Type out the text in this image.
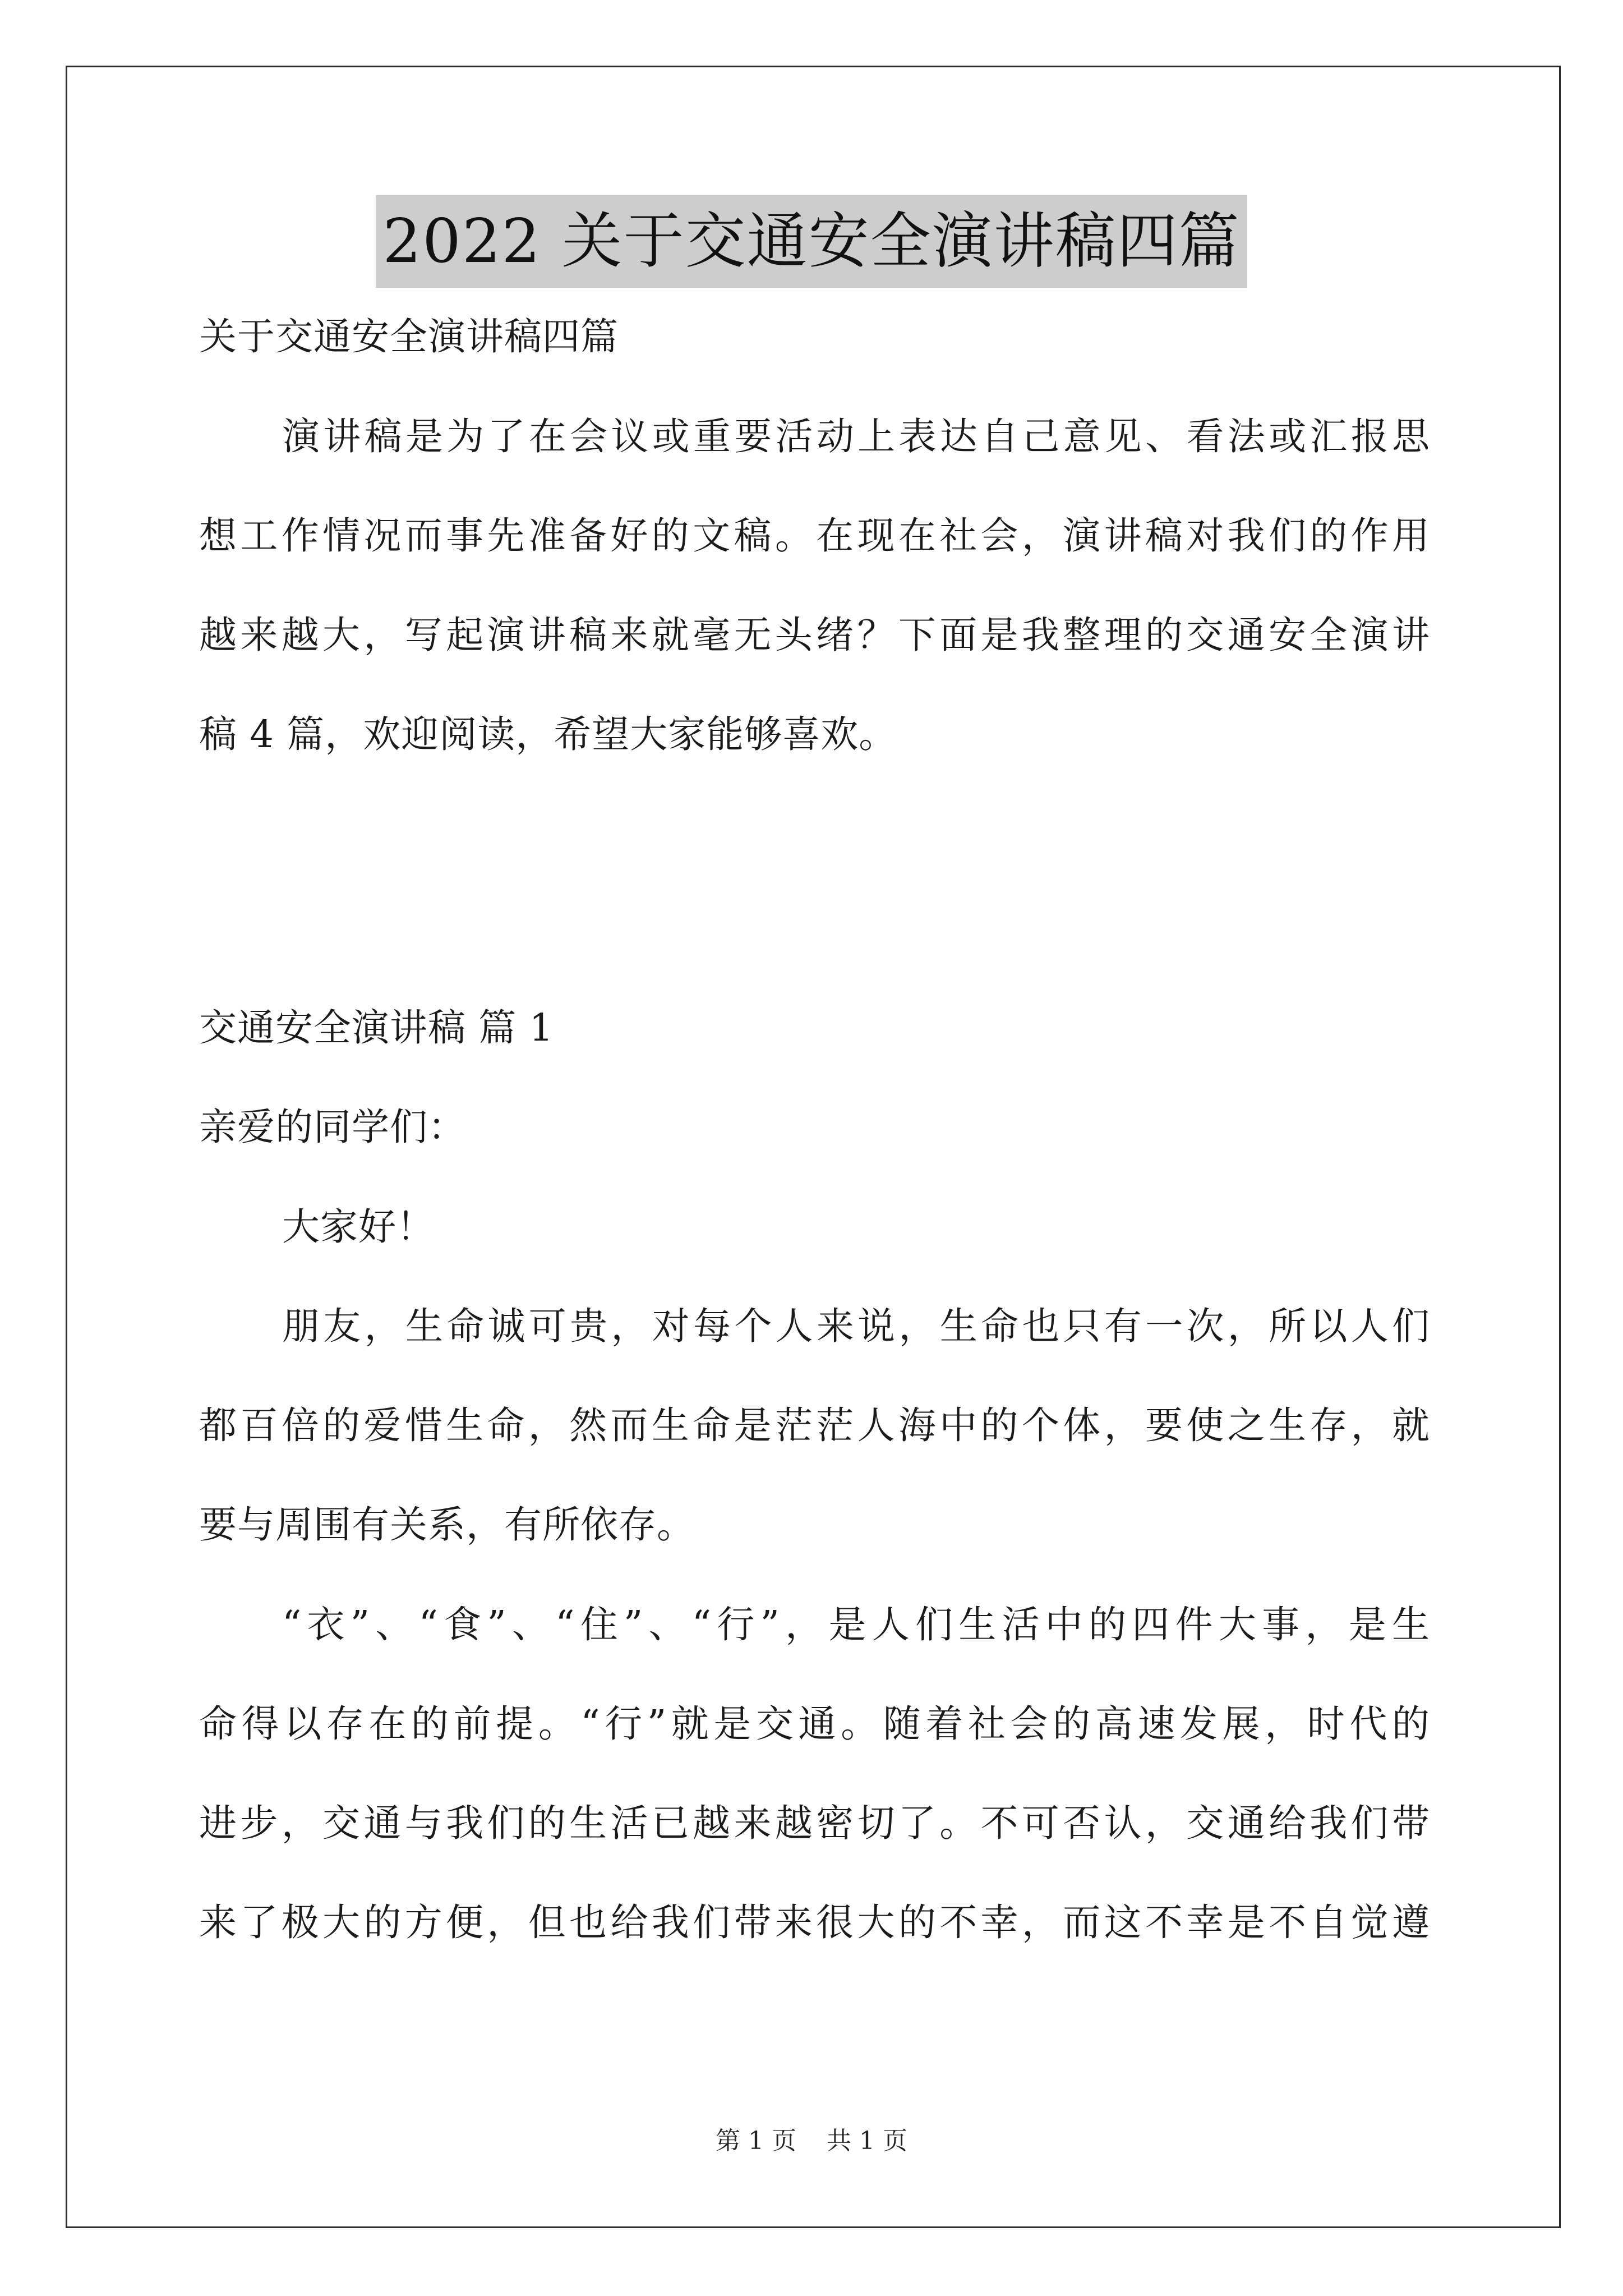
2022 关于交通安全演讲稿四篇
关于交通安全演讲稿四篇
演讲稿是为了在会议或重要活动上表达自己意见、看法或汇报思
想工作情况而事先准备好的文稿。在现在社会，演讲稿对我们的作用
越来越大，写起演讲稿来就毫无头绪？下面是我整理的交通安全演讲
稿 4 篇，欢迎阅读，希望大家能够喜欢。
交通安全演讲稿 篇 1
亲爱的同学们：
大家好！
朋友，生命诚可贵，对每个人来说，生命也只有一次，所以人们
都百倍的爱惜生命，然而生命是茫茫人海中的个体，要使之生存，就
要与周围有关系，有所依存。
“衣”、“食”、“住”、“行”，是人们生活中的四件大事，是生
命得以存在的前提。“行”就是交通。随着社会的高速发展，时代的
进步，交通与我们的生活已越来越密切了。不可否认，交通给我们带
来了极大的方便，但也给我们带来很大的不幸，而这不幸是不自觉遵
第 1 页 共 1 页
